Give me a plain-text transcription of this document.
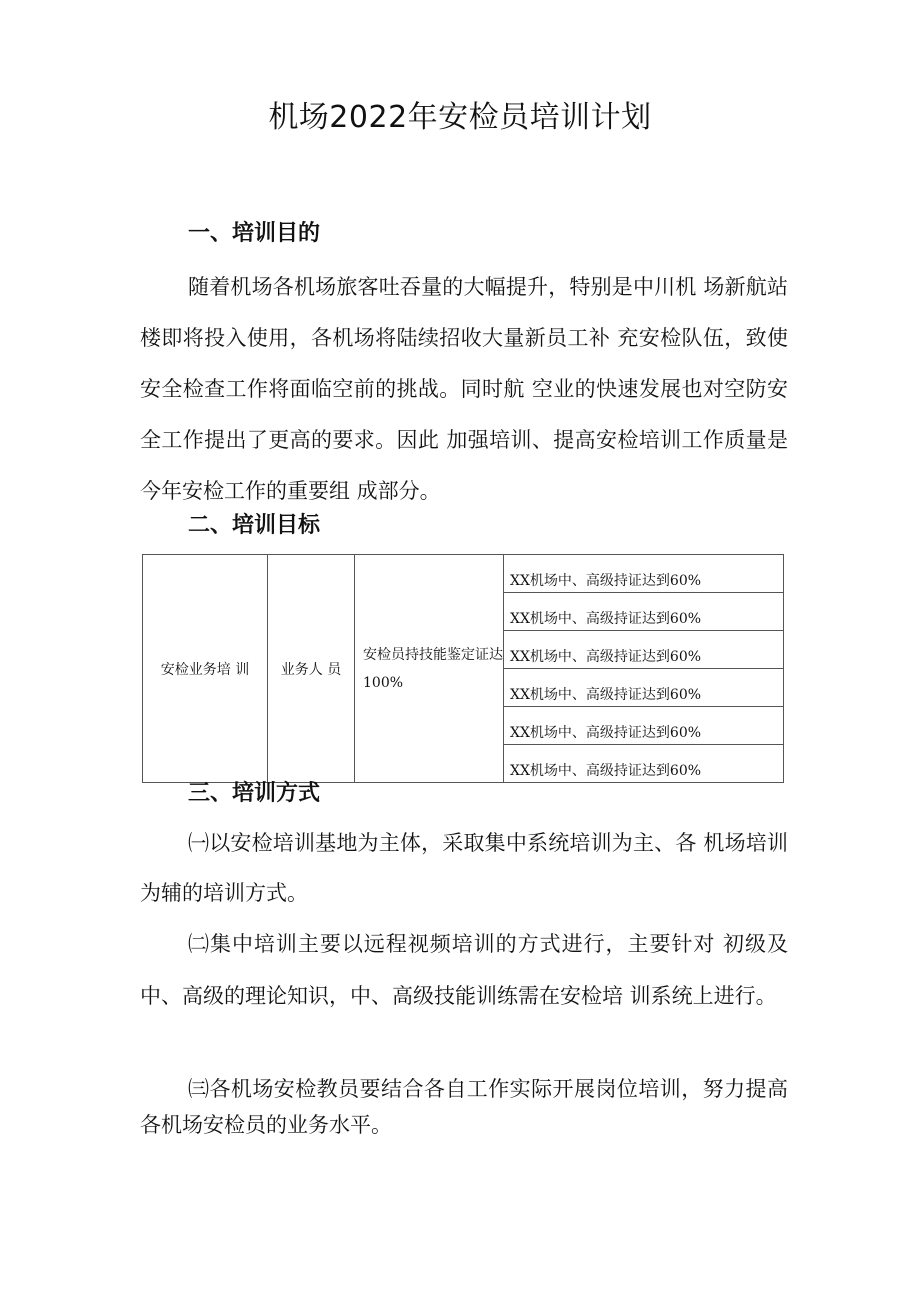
机场2022年安检员培训计划
一、培训目的

随着机场各机场旅客吐吞量的大幅提升，特别是中川机 场新航站楼即将投入使用，各机场将陆续招收大量新员工补 充安检队伍，致使安全检查工作将面临空前的挑战。同时航 空业的快速发展也对空防安全工作提出了更高的要求。因此 加强培训、提高安检培训工作质量是今年安检工作的重要组 成部分。

二、培训目标
安检业务培 训	业务人 员	安检员持技能鉴定证达100%	XX机场中、高级持证达到60%
XX机场中、高级持证达到60%
XX机场中、高级持证达到60%
XX机场中、高级持证达到60%
XX机场中、高级持证达到60%
XX机场中、高级持证达到60%
三、培训方式

㈠以安检培训基地为主体，采取集中系统培训为主、各 机场培训为辅的培训方式。

㈡集中培训主要以远程视频培训的方式进行，主要针对 初级及中、高级的理论知识，中、高级技能训练需在安检培 训系统上进行。

㈢各机场安检教员要结合各自工作实际开展岗位培训，努力提高各机场安检员的业务水平。
